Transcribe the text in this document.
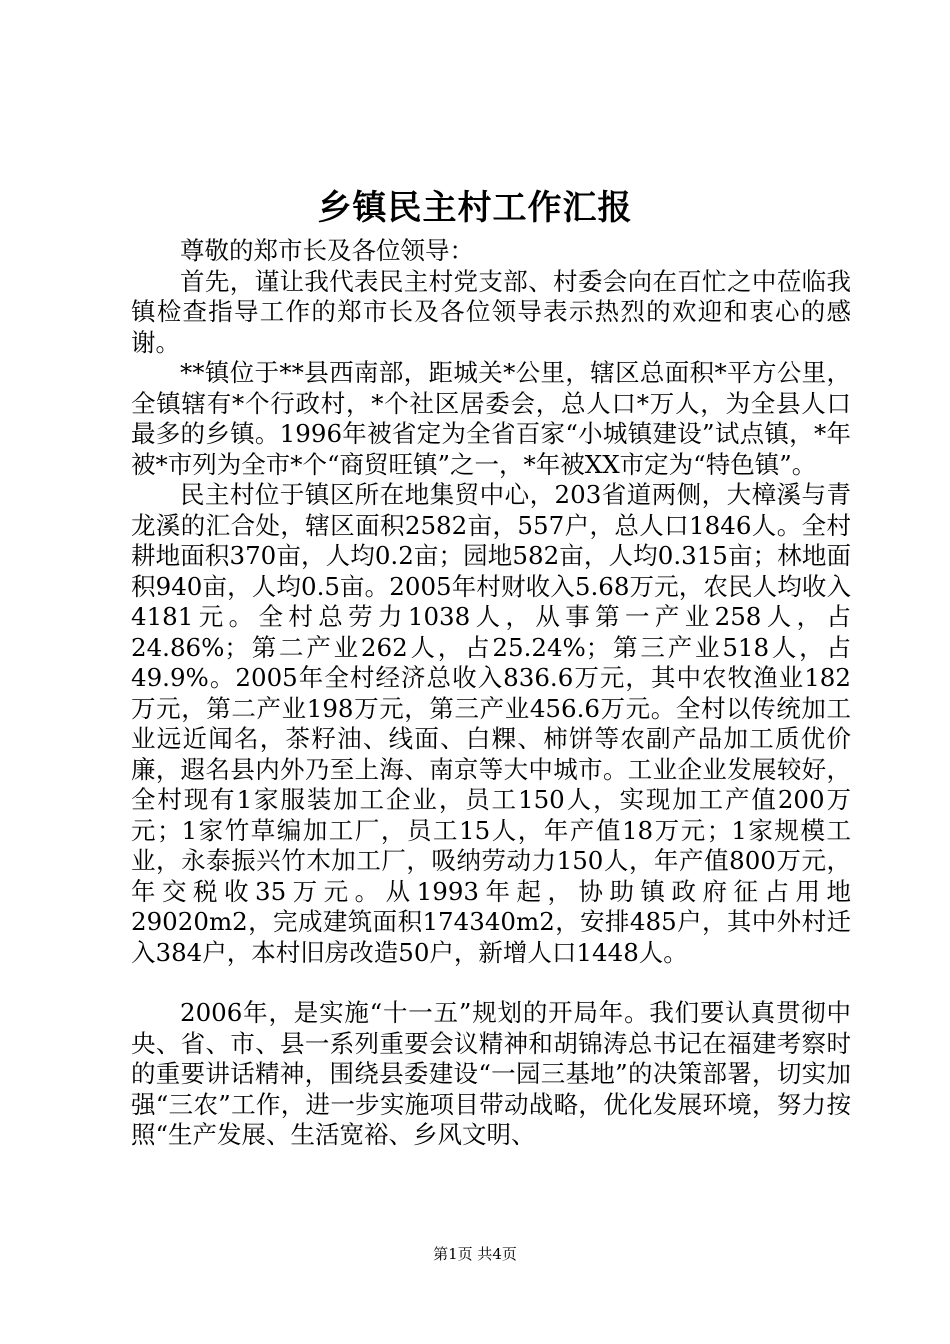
乡镇民主村工作汇报

尊敬的郑市长及各位领导：

首先，谨让我代表民主村党支部、村委会向在百忙之中莅临我镇检查指导工作的郑市长及各位领导表示热烈的欢迎和衷心的感谢。

**镇位于**县西南部，距城关*公里，辖区总面积*平方公里，全镇辖有*个行政村，*个社区居委会，总人口*万人，为全县人口最多的乡镇。1996年被省定为全省百家“小城镇建设”试点镇，*年被*市列为全市*个“商贸旺镇”之一，*年被XX市定为“特色镇”。

民主村位于镇区所在地集贸中心，203省道两侧，大樟溪与青龙溪的汇合处，辖区面积2582亩，557户，总人口1846人。全村耕地面积370亩，人均0.2亩；园地582亩，人均0.315亩；林地面积940亩，人均0.5亩。2005年村财收入5.68万元，农民人均收入4181元。全村总劳力1038人，从事第一产业258人，占24.86%；第二产业262人，占25.24%；第三产业518人，占49.9%。2005年全村经济总收入836.6万元，其中农牧渔业182万元，第二产业198万元，第三产业456.6万元。全村以传统加工业远近闻名，茶籽油、线面、白粿、柿饼等农副产品加工质优价廉，遐名县内外乃至上海、南京等大中城市。工业企业发展较好，全村现有1家服装加工企业，员工150人，实现加工产值200万元；1家竹草编加工厂，员工15人，年产值18万元；1家规模工业，永泰振兴竹木加工厂，吸纳劳动力150人，年产值800万元，年交税收35万元。从1993年起，协助镇政府征占用地29020m2，完成建筑面积174340m2，安排485户，其中外村迁入384户，本村旧房改造50户，新增人口1448人。

2006年，是实施“十一五”规划的开局年。我们要认真贯彻中央、省、市、县一系列重要会议精神和胡锦涛总书记在福建考察时的重要讲话精神，围绕县委建设“一园三基地”的决策部署，切实加强“三农”工作，进一步实施项目带动战略，优化发展环境，努力按照“生产发展、生活宽裕、乡风文明、

第1页 共4页
